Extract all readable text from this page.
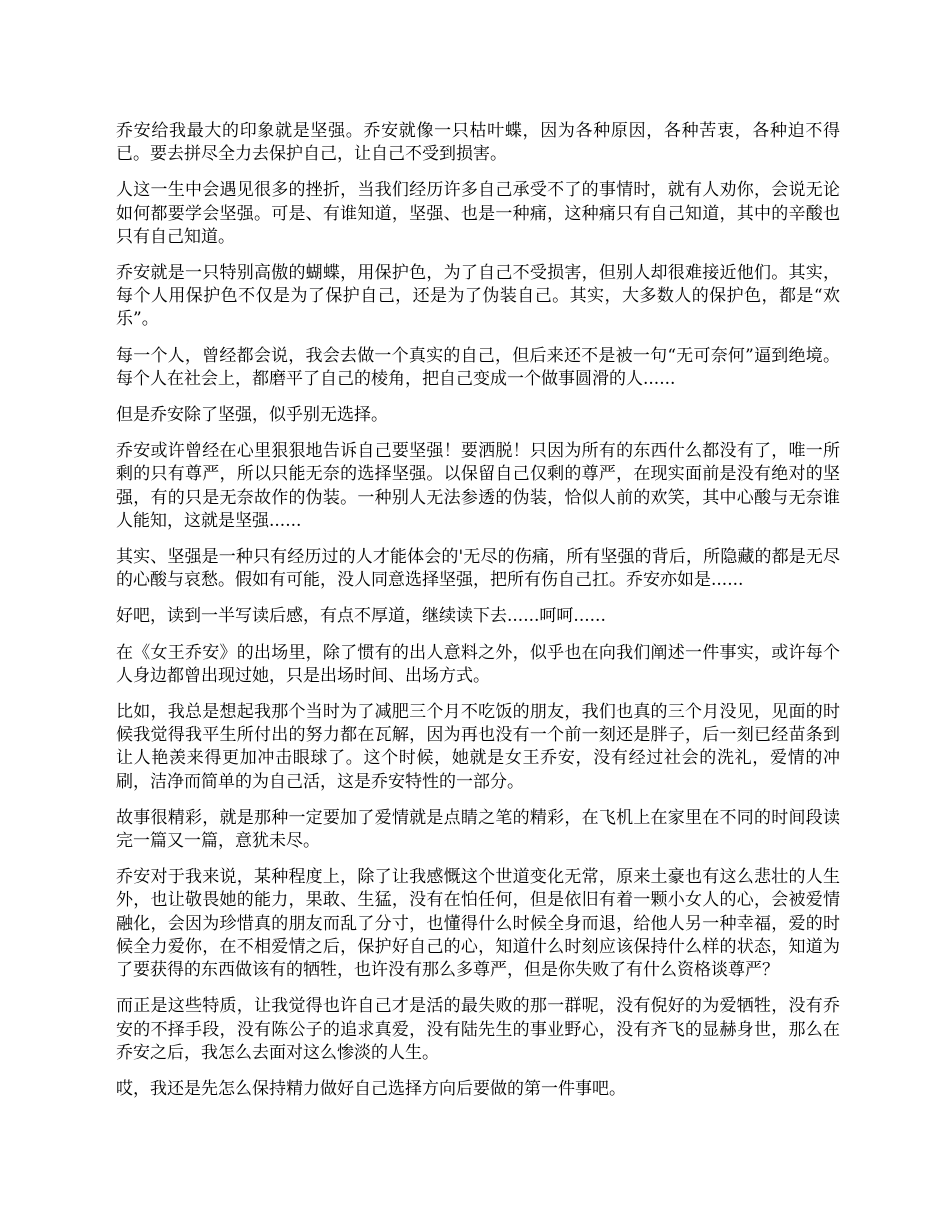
乔安给我最大的印象就是坚强。乔安就像一只枯叶蝶，因为各种原因，各种苦衷，各种迫不得已。要去拼尽全力去保护自己，让自己不受到损害。

人这一生中会遇见很多的挫折，当我们经历许多自己承受不了的事情时，就有人劝你，会说无论如何都要学会坚强。可是、有谁知道，坚强、也是一种痛，这种痛只有自己知道，其中的辛酸也只有自己知道。

乔安就是一只特别高傲的蝴蝶，用保护色，为了自己不受损害，但别人却很难接近他们。其实，每个人用保护色不仅是为了保护自己，还是为了伪装自己。其实，大多数人的保护色，都是“欢乐”。

每一个人，曾经都会说，我会去做一个真实的自己，但后来还不是被一句“无可奈何”逼到绝境。每个人在社会上，都磨平了自己的棱角，把自己变成一个做事圆滑的人......

但是乔安除了坚强，似乎别无选择。

乔安或许曾经在心里狠狠地告诉自己要坚强！要洒脱！只因为所有的东西什么都没有了，唯一所剩的只有尊严，所以只能无奈的选择坚强。以保留自己仅剩的尊严，在现实面前是没有绝对的坚强，有的只是无奈故作的伪装。一种别人无法参透的伪装，恰似人前的欢笑，其中心酸与无奈谁人能知，这就是坚强......

其实、坚强是一种只有经历过的人才能体会的'无尽的伤痛，所有坚强的背后，所隐藏的都是无尽的心酸与哀愁。假如有可能，没人同意选择坚强，把所有伤自己扛。乔安亦如是......

好吧，读到一半写读后感，有点不厚道，继续读下去......呵呵......

在《女王乔安》的出场里，除了惯有的出人意料之外，似乎也在向我们阐述一件事实，或许每个人身边都曾出现过她，只是出场时间、出场方式。

比如，我总是想起我那个当时为了减肥三个月不吃饭的朋友，我们也真的三个月没见，见面的时候我觉得我平生所付出的努力都在瓦解，因为再也没有一个前一刻还是胖子，后一刻已经苗条到让人艳羡来得更加冲击眼球了。这个时候，她就是女王乔安，没有经过社会的洗礼，爱情的冲刷，洁净而简单的为自己活，这是乔安特性的一部分。

故事很精彩，就是那种一定要加了爱情就是点睛之笔的精彩，在飞机上在家里在不同的时间段读完一篇又一篇，意犹未尽。

乔安对于我来说，某种程度上，除了让我感慨这个世道变化无常，原来土豪也有这么悲壮的人生外，也让敬畏她的能力，果敢、生猛，没有在怕任何，但是依旧有着一颗小女人的心，会被爱情融化，会因为珍惜真的朋友而乱了分寸，也懂得什么时候全身而退，给他人另一种幸福，爱的时候全力爱你，在不相爱情之后，保护好自己的心，知道什么时刻应该保持什么样的状态，知道为了要获得的东西做该有的牺牲，也许没有那么多尊严，但是你失败了有什么资格谈尊严？

而正是这些特质，让我觉得也许自己才是活的最失败的那一群呢，没有倪好的为爱牺牲，没有乔安的不择手段，没有陈公子的追求真爱，没有陆先生的事业野心，没有齐飞的显赫身世，那么在乔安之后，我怎么去面对这么惨淡的人生。

哎，我还是先怎么保持精力做好自己选择方向后要做的第一件事吧。
